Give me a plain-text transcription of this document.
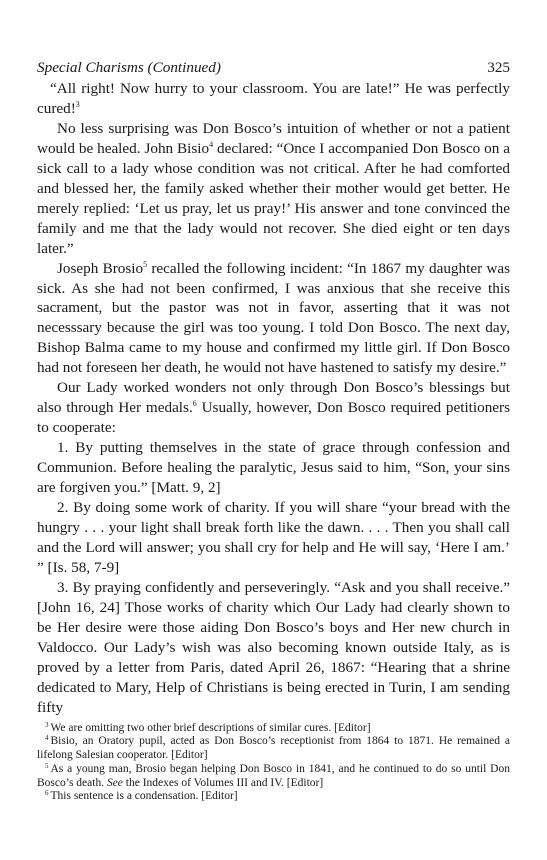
Special Charisms (Continued)	325

“All right! Now hurry to your classroom. You are late!” He was perfectly cured!$^3$

No less surprising was Don Bosco’s intuition of whether or not a patient would be healed. John Bisio$^4$ declared: “Once I accompanied Don Bosco on a sick call to a lady whose condition was not critical. After he had comforted and blessed her, the family asked whether their mother would get better. He merely replied: ‘Let us pray, let us pray!’ His answer and tone convinced the family and me that the lady would not recover. She died eight or ten days later.”

Joseph Brosio$^5$ recalled the following incident: “In 1867 my daughter was sick. As she had not been confirmed, I was anxious that she receive this sacrament, but the pastor was not in favor, asserting that it was not necesssary because the girl was too young. I told Don Bosco. The next day, Bishop Balma came to my house and confirmed my little girl. If Don Bosco had not foreseen her death, he would not have hastened to satisfy my desire.”

Our Lady worked wonders not only through Don Bosco’s blessings but also through Her medals.$^6$ Usually, however, Don Bosco required petitioners to cooperate:

1. By putting themselves in the state of grace through confession and Communion. Before healing the paralytic, Jesus said to him, “Son, your sins are forgiven you.” [Matt. 9, 2]

2. By doing some work of charity. If you will share “your bread with the hungry . . . your light shall break forth like the dawn. . . . Then you shall call and the Lord will answer; you shall cry for help and He will say, ‘Here I am.’ ” [Is. 58, 7-9]

3. By praying confidently and perseveringly. “Ask and you shall receive.” [John 16, 24] Those works of charity which Our Lady had clearly shown to be Her desire were those aiding Don Bosco’s boys and Her new church in Valdocco. Our Lady’s wish was also becoming known outside Italy, as is proved by a letter from Paris, dated April 26, 1867: “Hearing that a shrine dedicated to Mary, Help of Christians is being erected in Turin, I am sending fifty

$^3$ We are omitting two other brief descriptions of similar cures. [Editor]

$^4$ Bisio, an Oratory pupil, acted as Don Bosco’s receptionist from 1864 to 1871. He remained a lifelong Salesian cooperator. [Editor]

$^5$ As a young man, Brosio began helping Don Bosco in 1841, and he continued to do so until Don Bosco’s death. See the Indexes of Volumes III and IV. [Editor]

$^6$ This sentence is a condensation. [Editor]
